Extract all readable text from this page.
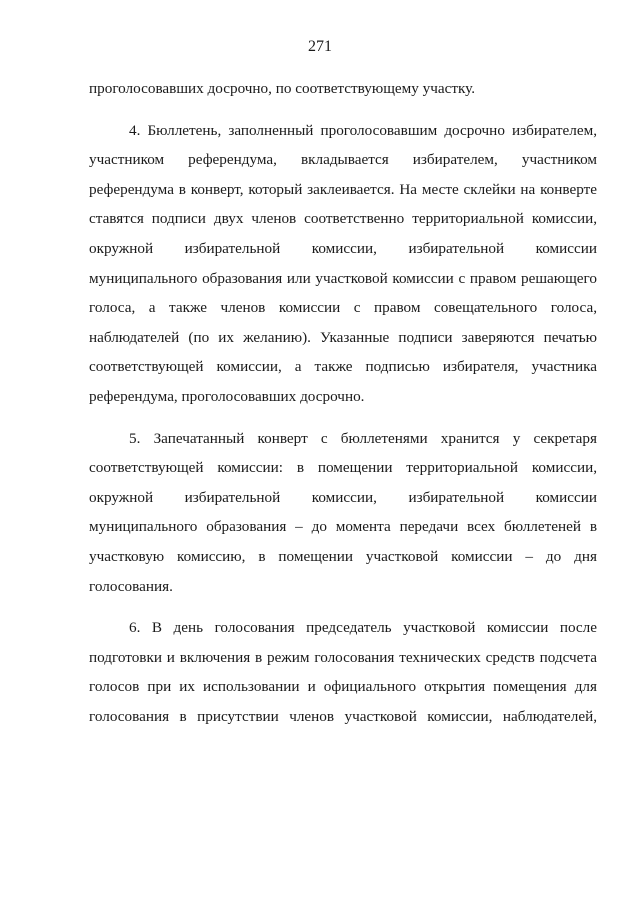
271

проголосовавших досрочно, по соответствующему участку.

4. Бюллетень, заполненный проголосовавшим досрочно избирателем,
участником референдума, вкладывается избирателем, участником
референдума в конверт, который заклеивается. На месте склейки на конверте
ставятся подписи двух членов соответственно территориальной комиссии,
окружной избирательной комиссии, избирательной комиссии
муниципального образования или участковой комиссии с правом решающего
голоса, а также членов комиссии с правом совещательного голоса,
наблюдателей (по их желанию). Указанные подписи заверяются печатью
соответствующей комиссии, а также подписью избирателя, участника
референдума, проголосовавших досрочно.

5. Запечатанный конверт с бюллетенями хранится у секретаря
соответствующей комиссии: в помещении территориальной комиссии,
окружной избирательной комиссии, избирательной комиссии
муниципального образования – до момента передачи всех бюллетеней в
участковую комиссию, в помещении участковой комиссии – до дня
голосования.

6. В день голосования председатель участковой комиссии после
подготовки и включения в режим голосования технических средств подсчета
голосов при их использовании и официального открытия помещения для
голосования в присутствии членов участковой комиссии, наблюдателей,
